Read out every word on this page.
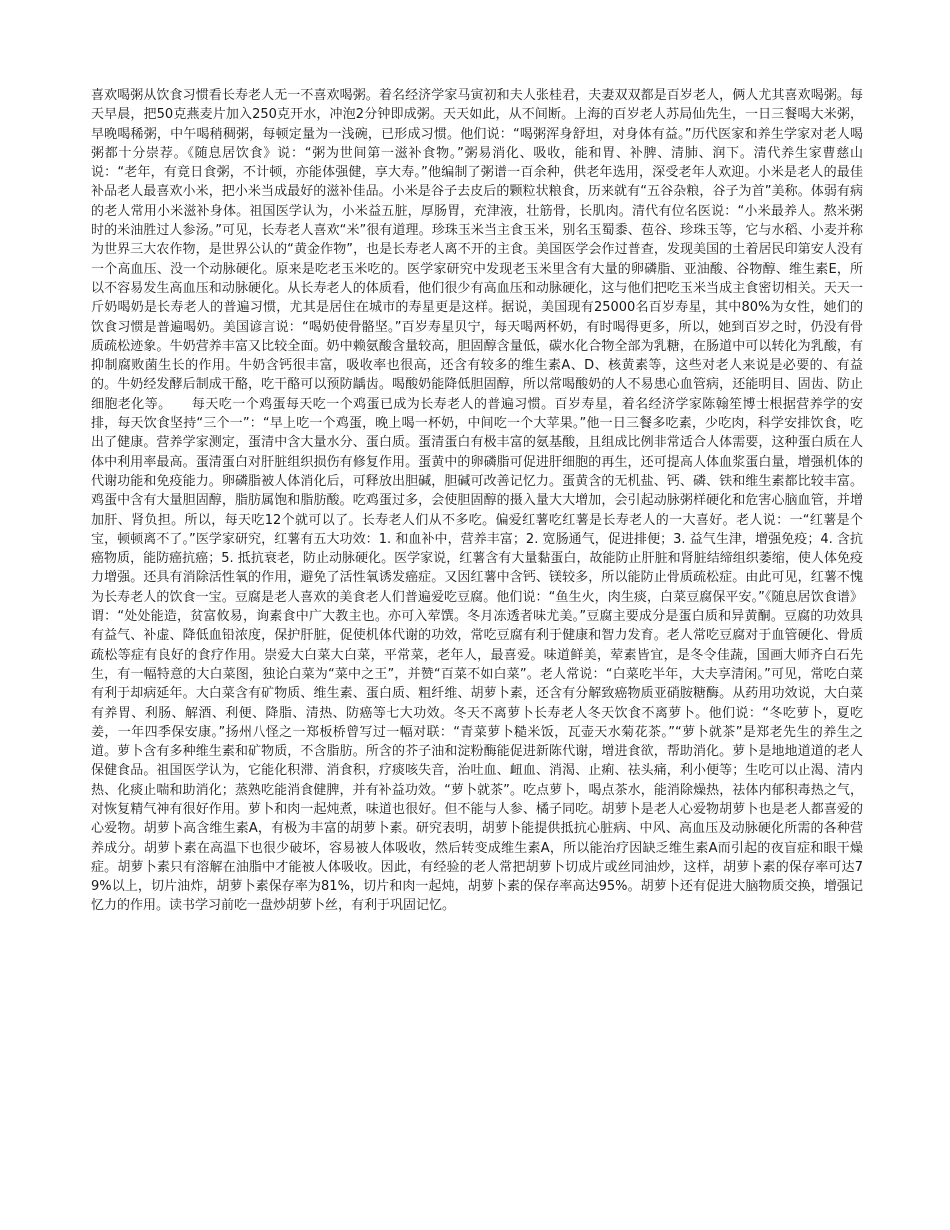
喜欢喝粥从饮食习惯看长寿老人无一不喜欢喝粥。着名经济学家马寅初和夫人张桂君，夫妻双双都是百岁老人，俩人尤其喜欢喝粥。每天早晨，把50克燕麦片加入250克开水，冲泡2分钟即成粥。天天如此，从不间断。上海的百岁老人苏局仙先生，一日三餐喝大米粥，早晚喝稀粥，中午喝稍稠粥，每顿定量为一浅碗，已形成习惯。他们说：“喝粥浑身舒坦，对身体有益。”历代医家和养生学家对老人喝粥都十分崇荐。《随息居饮食》说：“粥为世间第一滋补食物。”粥易消化、吸收，能和胃、补脾、清肺、润下。清代养生家曹慈山说：“老年，有竟日食粥，不计顿，亦能体强健，享大寿。”他编制了粥谱一百余种，供老年选用，深受老年人欢迎。小米是老人的最佳补品老人最喜欢小米，把小米当成最好的滋补佳品。小米是谷子去皮后的颗粒状粮食，历来就有“五谷杂粮，谷子为首”美称。体弱有病的老人常用小米滋补身体。祖国医学认为，小米益五脏，厚肠胃，充津液，壮筋骨，长肌肉。清代有位名医说：“小米最养人。熬米粥时的米油胜过人参汤。”可见，长寿老人喜欢“米”很有道理。珍珠玉米当主食玉米，别名玉蜀黍、苞谷、珍珠玉等，它与水稻、小麦并称为世界三大农作物，是世界公认的“黄金作物”，也是长寿老人离不开的主食。美国医学会作过普查，发现美国的土着居民印第安人没有一个高血压、没一个动脉硬化。原来是吃老玉米吃的。医学家研究中发现老玉米里含有大量的卵磷脂、亚油酸、谷物醇、维生素E，所以不容易发生高血压和动脉硬化。从长寿老人的体质看，他们很少有高血压和动脉硬化，这与他们把吃玉米当成主食密切相关。天天一斤奶喝奶是长寿老人的普遍习惯，尤其是居住在城市的寿星更是这样。据说，美国现有25000名百岁寿星，其中80%为女性，她们的饮食习惯是普遍喝奶。美国谚言说：“喝奶使骨骼坚。”百岁寿星贝宁，每天喝两杯奶，有时喝得更多，所以，她到百岁之时，仍没有骨质疏松迹象。牛奶营养丰富又比较全面。奶中赖氨酸含量较高，胆固醇含量低，碳水化合物全部为乳糖，在肠道中可以转化为乳酸，有抑制腐败菌生长的作用。牛奶含钙很丰富，吸收率也很高，还含有较多的维生素A、D、核黄素等，这些对老人来说是必要的、有益的。牛奶经发酵后制成干酪，吃干酪可以预防龋齿。喝酸奶能降低胆固醇，所以常喝酸奶的人不易患心血管病，还能明目、固齿、防止细胞老化等。　　每天吃一个鸡蛋每天吃一个鸡蛋已成为长寿老人的普遍习惯。百岁寿星，着名经济学家陈翰笙博士根据营养学的安排，每天饮食坚持“三个一”：“早上吃一个鸡蛋，晚上喝一杯奶，中间吃一个大苹果。”他一日三餐多吃素，少吃肉，科学安排饮食，吃出了健康。营养学家测定，蛋清中含大量水分、蛋白质。蛋清蛋白有极丰富的氨基酸，且组成比例非常适合人体需要，这种蛋白质在人体中利用率最高。蛋清蛋白对肝脏组织损伤有修复作用。蛋黄中的卵磷脂可促进肝细胞的再生，还可提高人体血浆蛋白量，增强机体的代谢功能和免疫能力。卵磷脂被人体消化后，可释放出胆碱，胆碱可改善记忆力。蛋黄含的无机盐、钙、磷、铁和维生素都比较丰富。鸡蛋中含有大量胆固醇，脂肪属饱和脂肪酸。吃鸡蛋过多，会使胆固醇的摄入量大大增加，会引起动脉粥样硬化和危害心脑血管，并增加肝、肾负担。所以，每天吃12个就可以了。长寿老人们从不多吃。偏爱红薯吃红薯是长寿老人的一大喜好。老人说：一“红薯是个宝，顿顿离不了。”医学家研究，红薯有五大功效：1. 和血补中，营养丰富；2. 宽肠通气，促进排便；3. 益气生津，增强免疫；4. 含抗癌物质，能防癌抗癌；5. 抵抗衰老，防止动脉硬化。医学家说，红薯含有大量黏蛋白，故能防止肝脏和肾脏结缔组织萎缩，使人体免疫力增强。还具有消除活性氧的作用，避免了活性氧诱发癌症。又因红薯中含钙、镁较多，所以能防止骨质疏松症。由此可见，红薯不愧为长寿老人的饮食一宝。豆腐是老人喜欢的美食老人们普遍爱吃豆腐。他们说：“鱼生火，肉生痰，白菜豆腐保平安。”《随息居饮食谱》谓：“处处能造，贫富攸易，询素食中广大教主也。亦可入荤馔。冬月冻透者味尤美。”豆腐主要成分是蛋白质和异黄酮。豆腐的功效具有益气、补虚、降低血铅浓度，保护肝脏，促使机体代谢的功效，常吃豆腐有利于健康和智力发育。老人常吃豆腐对于血管硬化、骨质疏松等症有良好的食疗作用。崇爱大白菜大白菜，平常菜，老年人，最喜爱。味道鲜美，荤素皆宜，是冬令佳蔬，国画大师齐白石先生，有一幅特意的大白菜图，独论白菜为“菜中之王”，并赞“百菜不如白菜”。老人常说：“白菜吃半年，大夫享清闲。”可见，常吃白菜有利于却病延年。大白菜含有矿物质、维生素、蛋白质、粗纤维、胡萝卜素，还含有分解致癌物质亚硝胺糖酶。从药用功效说，大白菜有养胃、利肠、解酒、利便、降脂、清热、防癌等七大功效。冬天不离萝卜长寿老人冬天饮食不离萝卜。他们说：“冬吃萝卜，夏吃姜，一年四季保安康。”扬州八怪之一郑板桥曾写过一幅对联：“青菜萝卜糙米饭，瓦壶天水菊花茶。”“萝卜就茶”是郑老先生的养生之道。萝卜含有多种维生素和矿物质，不含脂肪。所含的芥子油和淀粉酶能促进新陈代谢，增进食欲，帮助消化。萝卜是地地道道的老人保健食品。祖国医学认为，它能化积滞、消食积，疗痰咳失音，治吐血、衄血、消渴、止痢、祛头痛，利小便等；生吃可以止渴、清内热、化痰止喘和助消化；蒸熟吃能消食健脾，并有补益功效。“萝卜就茶”。吃点萝卜，喝点茶水，能消除燥热，祛体内郁积毒热之气，对恢复精气神有很好作用。萝卜和肉一起炖煮，味道也很好。但不能与人参、橘子同吃。胡萝卜是老人心爱物胡萝卜也是老人都喜爱的心爱物。胡萝卜高含维生素A，有极为丰富的胡萝卜素。研究表明，胡萝卜能提供抵抗心脏病、中风、高血压及动脉硬化所需的各种营养成分。胡萝卜素在高温下也很少破坏，容易被人体吸收，然后转变成维生素A，所以能治疗因缺乏维生素A而引起的夜盲症和眼干燥症。胡萝卜素只有溶解在油脂中才能被人体吸收。因此，有经验的老人常把胡萝卜切成片或丝同油炒，这样，胡萝卜素的保存率可达79%以上，切片油炸，胡萝卜素保存率为81%，切片和肉一起炖，胡萝卜素的保存率高达95%。胡萝卜还有促进大脑物质交换，增强记忆力的作用。读书学习前吃一盘炒胡萝卜丝，有利于巩固记忆。
